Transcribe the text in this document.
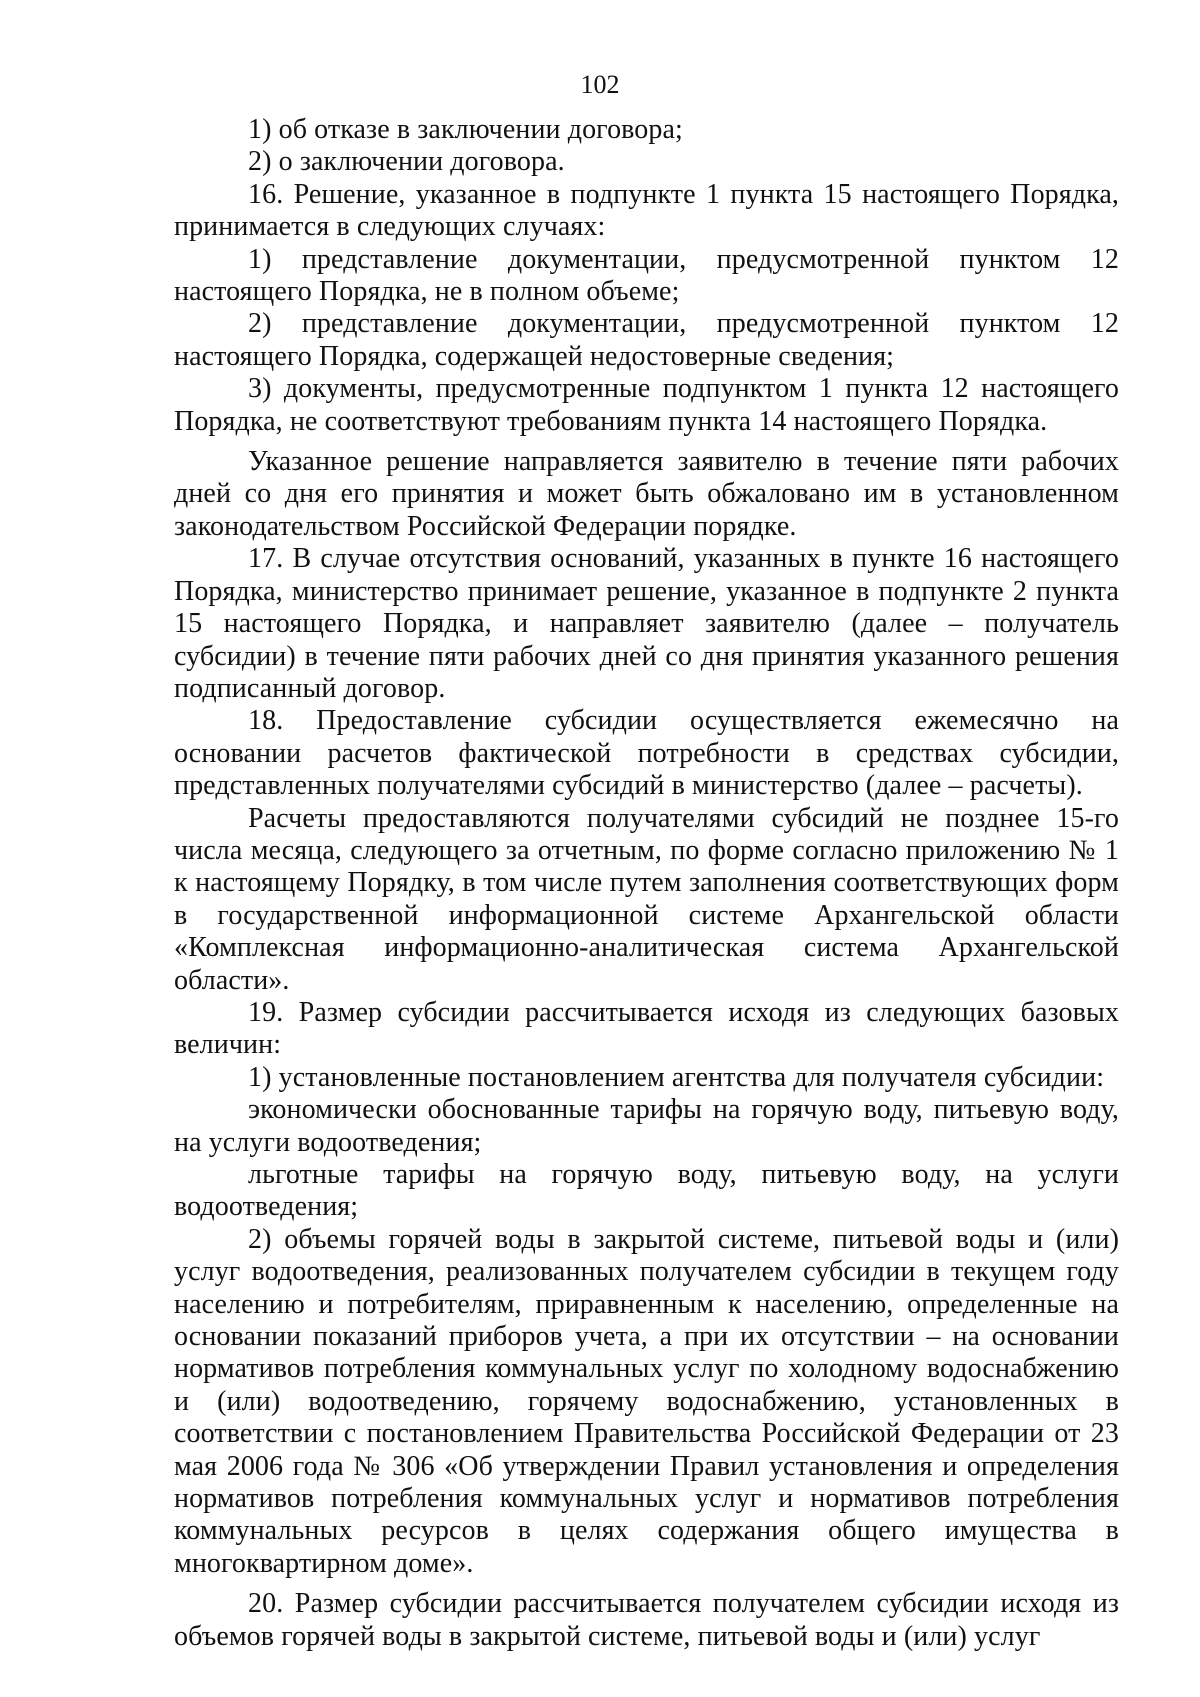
102

1) об отказе в заключении договора;

2) о заключении договора.

16. Решение, указанное в подпункте 1 пункта 15 настоящего Порядка, принимается в следующих случаях:

1) представление документации, предусмотренной пунктом 12 настоящего Порядка, не в полном объеме;

2) представление документации, предусмотренной пунктом 12 настоящего Порядка, содержащей недостоверные сведения;

3) документы, предусмотренные подпунктом 1 пункта 12 настоящего Порядка, не соответствуют требованиям пункта 14 настоящего Порядка.

Указанное решение направляется заявителю в течение пяти рабочих дней со дня его принятия и может быть обжаловано им в установленном законодательством Российской Федерации порядке.

17. В случае отсутствия оснований, указанных в пункте 16 настоящего Порядка, министерство принимает решение, указанное в подпункте 2 пункта 15 настоящего Порядка, и направляет заявителю (далее – получатель субсидии) в течение пяти рабочих дней со дня принятия указанного решения подписанный договор.

18. Предоставление субсидии осуществляется ежемесячно на основании расчетов фактической потребности в средствах субсидии, представленных получателями субсидий в министерство (далее – расчеты).

Расчеты предоставляются получателями субсидий не позднее 15-го числа месяца, следующего за отчетным, по форме согласно приложению № 1 к настоящему Порядку, в том числе путем заполнения соответствующих форм в государственной информационной системе Архангельской области «Комплексная информационно-аналитическая система Архангельской области».

19. Размер субсидии рассчитывается исходя из следующих базовых величин:

1) установленные постановлением агентства для получателя субсидии:

экономически обоснованные тарифы на горячую воду, питьевую воду, на услуги водоотведения;

льготные тарифы на горячую воду, питьевую воду, на услуги водоотведения;

2) объемы горячей воды в закрытой системе, питьевой воды и (или) услуг водоотведения, реализованных получателем субсидии в текущем году населению и потребителям, приравненным к населению, определенные на основании показаний приборов учета, а при их отсутствии – на основании нормативов потребления коммунальных услуг по холодному водоснабжению и (или) водоотведению, горячему водоснабжению, установленных в соответствии с постановлением Правительства Российской Федерации от 23 мая 2006 года № 306 «Об утверждении Правил установления и определения нормативов потребления коммунальных услуг и нормативов потребления коммунальных ресурсов в целях содержания общего имущества в многоквартирном доме».

20. Размер субсидии рассчитывается получателем субсидии исходя из объемов горячей воды в закрытой системе, питьевой воды и (или) услуг
